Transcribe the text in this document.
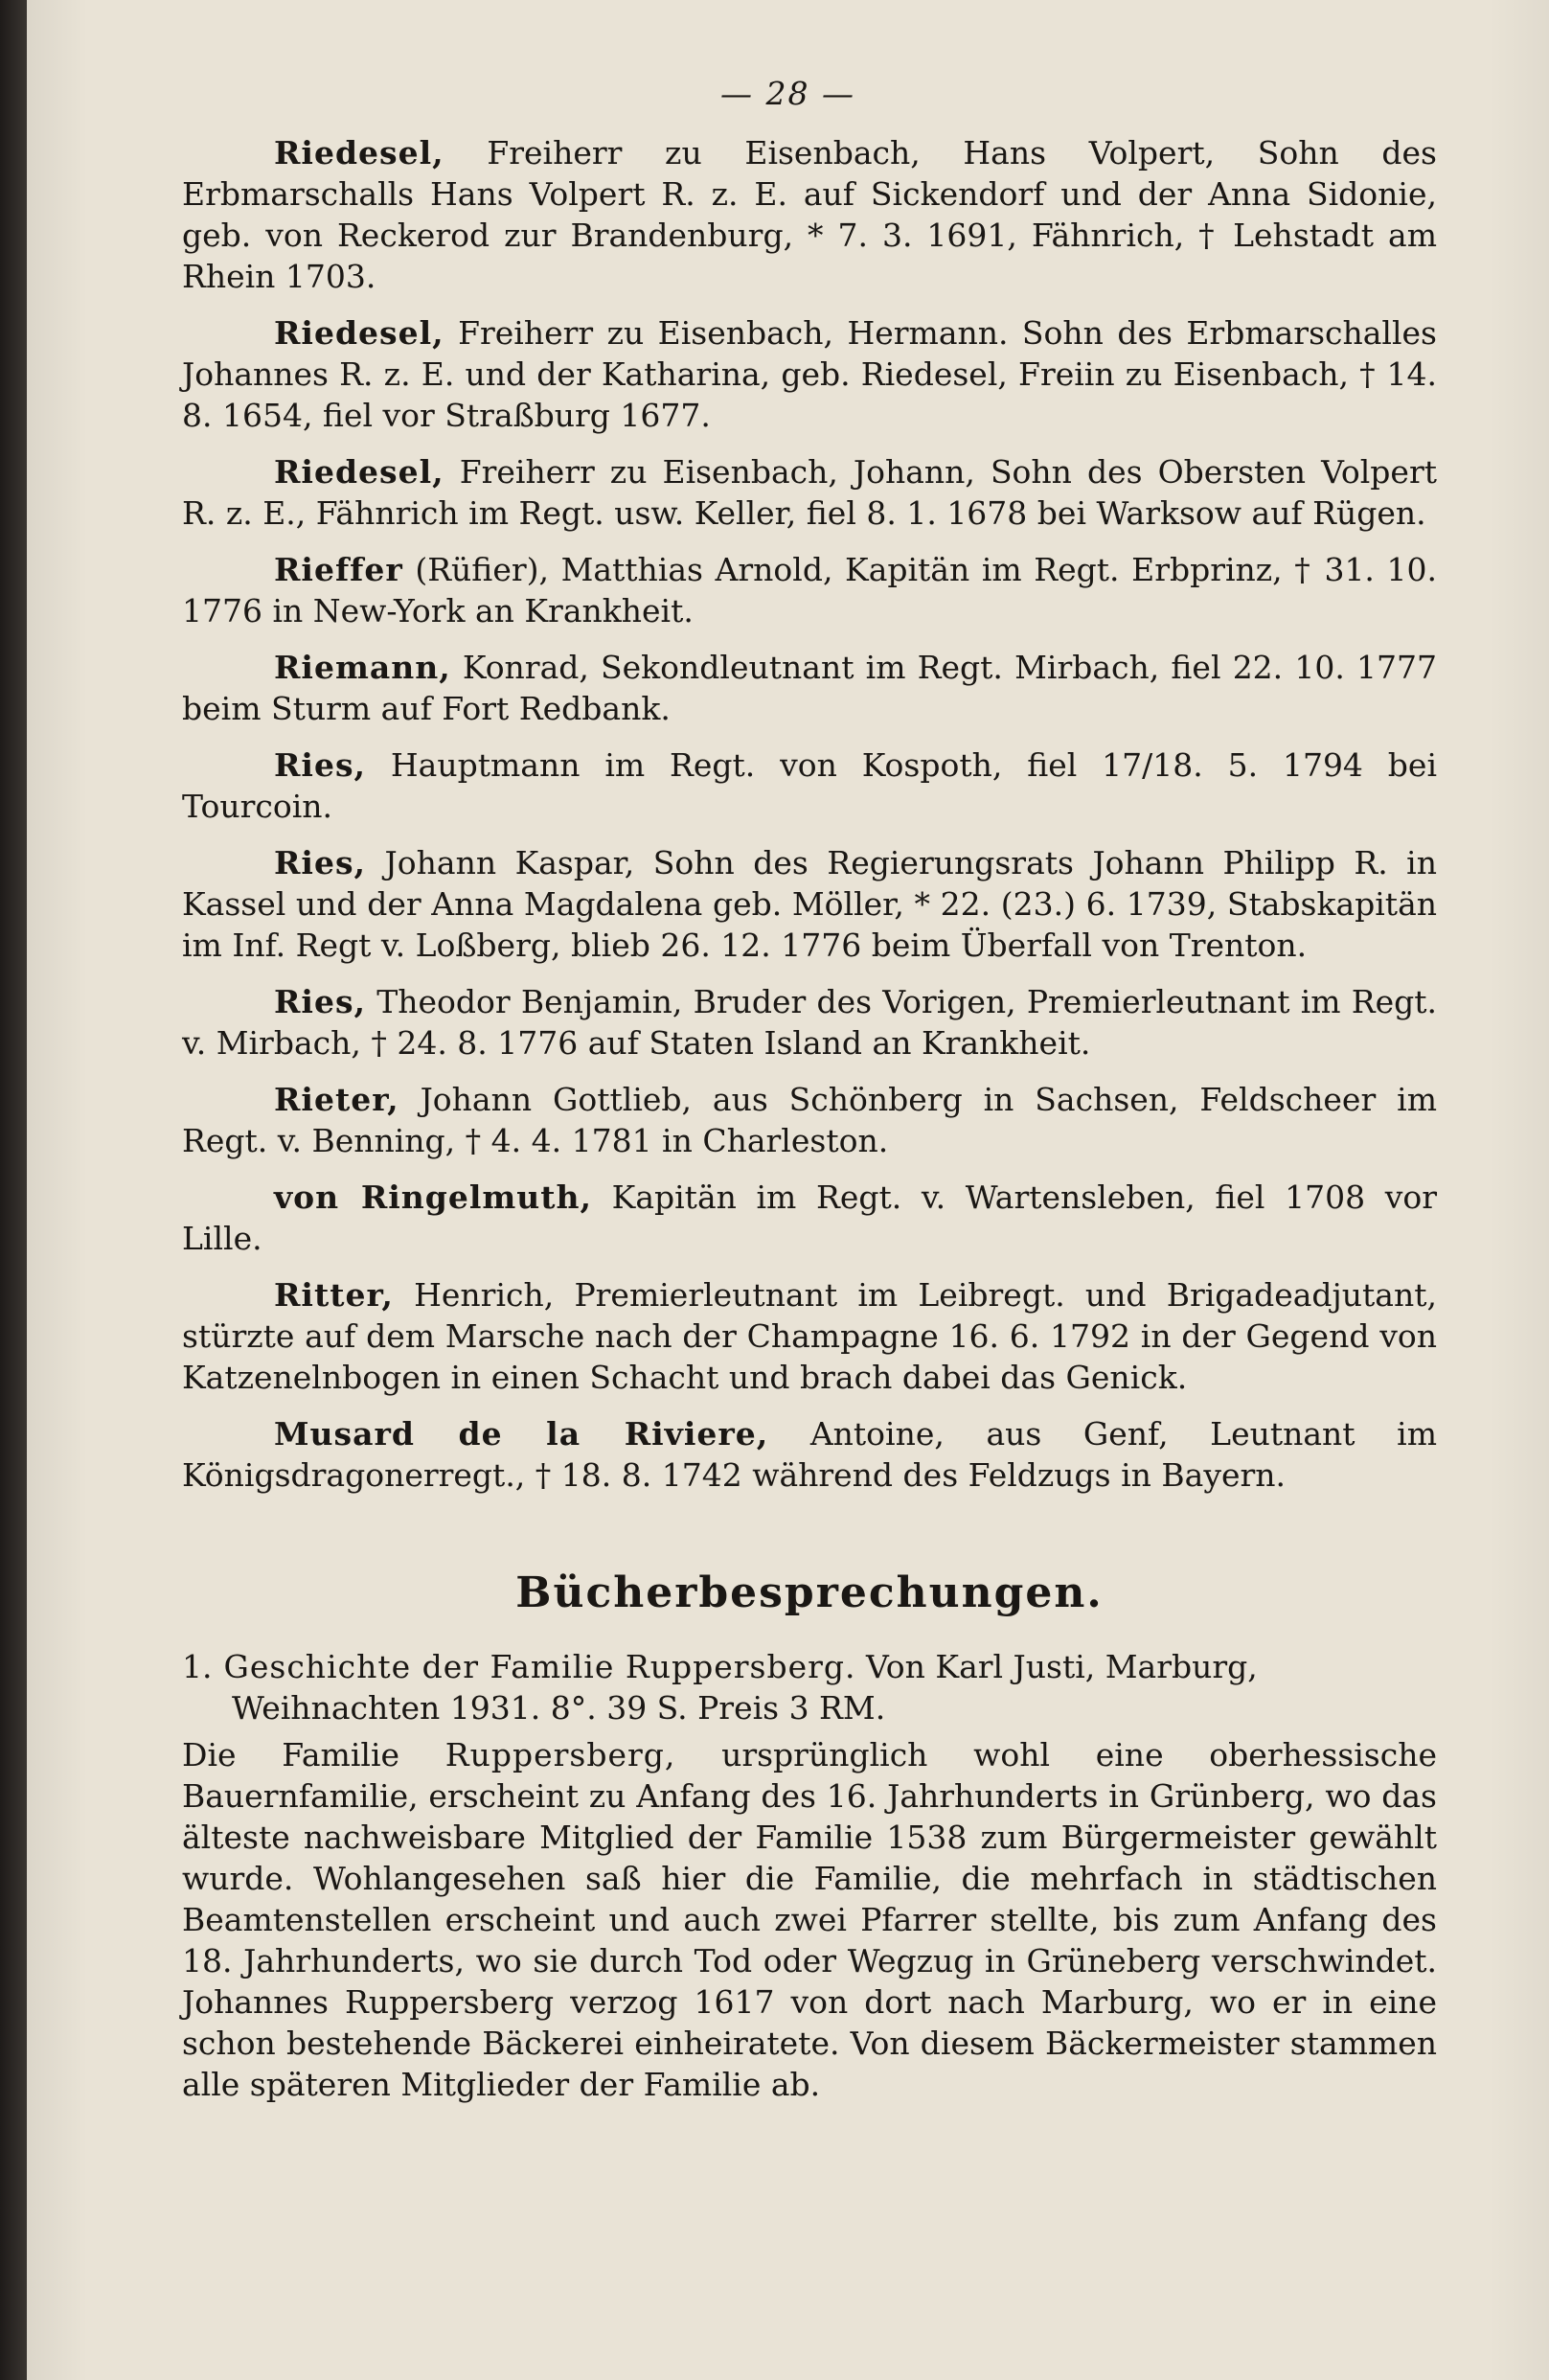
— 28 —

Riedesel, Freiherr zu Eisenbach, Hans Volpert, Sohn des Erbmarschalls Hans Volpert R. z. E. auf Sickendorf und der Anna Sidonie, geb. von Reckerod zur Brandenburg, * 7. 3. 1691, Fähnrich, † Lehstadt am Rhein 1703.

Riedesel, Freiherr zu Eisenbach, Hermann. Sohn des Erbmarschalles Johannes R. z. E. und der Katharina, geb. Riedesel, Freiin zu Eisenbach, † 14. 8. 1654, fiel vor Straßburg 1677.

Riedesel, Freiherr zu Eisenbach, Johann, Sohn des Obersten Volpert R. z. E., Fähnrich im Regt. usw. Keller, fiel 8. 1. 1678 bei Warksow auf Rügen.

Rieffer (Rüfier), Matthias Arnold, Kapitän im Regt. Erbprinz, † 31. 10. 1776 in New-York an Krankheit.

Riemann, Konrad, Sekondleutnant im Regt. Mirbach, fiel 22. 10. 1777 beim Sturm auf Fort Redbank.

Ries, Hauptmann im Regt. von Kospoth, fiel 17/18. 5. 1794 bei Tourcoin.

Ries, Johann Kaspar, Sohn des Regierungsrats Johann Philipp R. in Kassel und der Anna Magdalena geb. Möller, * 22. (23.) 6. 1739, Stabskapitän im Inf. Regt v. Loßberg, blieb 26. 12. 1776 beim Überfall von Trenton.

Ries, Theodor Benjamin, Bruder des Vorigen, Premierleutnant im Regt. v. Mirbach, † 24. 8. 1776 auf Staten Island an Krankheit.

Rieter, Johann Gottlieb, aus Schönberg in Sachsen, Feldscheer im Regt. v. Benning, † 4. 4. 1781 in Charleston.

von Ringelmuth, Kapitän im Regt. v. Wartensleben, fiel 1708 vor Lille.

Ritter, Henrich, Premierleutnant im Leibregt. und Brigadeadjutant, stürzte auf dem Marsche nach der Champagne 16. 6. 1792 in der Gegend von Katzenelnbogen in einen Schacht und brach dabei das Genick.

Musard de la Riviere, Antoine, aus Genf, Leutnant im Königsdragonerregt., † 18. 8. 1742 während des Feldzugs in Bayern.

Bücherbesprechungen.

1. Geschichte der Familie Ruppersberg. Von Karl Justi, Marburg, Weihnachten 1931. 8°. 39 S. Preis 3 RM.

Die Familie Ruppersberg, ursprünglich wohl eine oberhessische Bauernfamilie, erscheint zu Anfang des 16. Jahrhunderts in Grünberg, wo das älteste nachweisbare Mitglied der Familie 1538 zum Bürgermeister gewählt wurde. Wohlangesehen saß hier die Familie, die mehrfach in städtischen Beamtenstellen erscheint und auch zwei Pfarrer stellte, bis zum Anfang des 18. Jahrhunderts, wo sie durch Tod oder Wegzug in Grüneberg verschwindet. Johannes Ruppersberg verzog 1617 von dort nach Marburg, wo er in eine schon bestehende Bäckerei einheiratete. Von diesem Bäckermeister stammen alle späteren Mitglieder der Familie ab.
